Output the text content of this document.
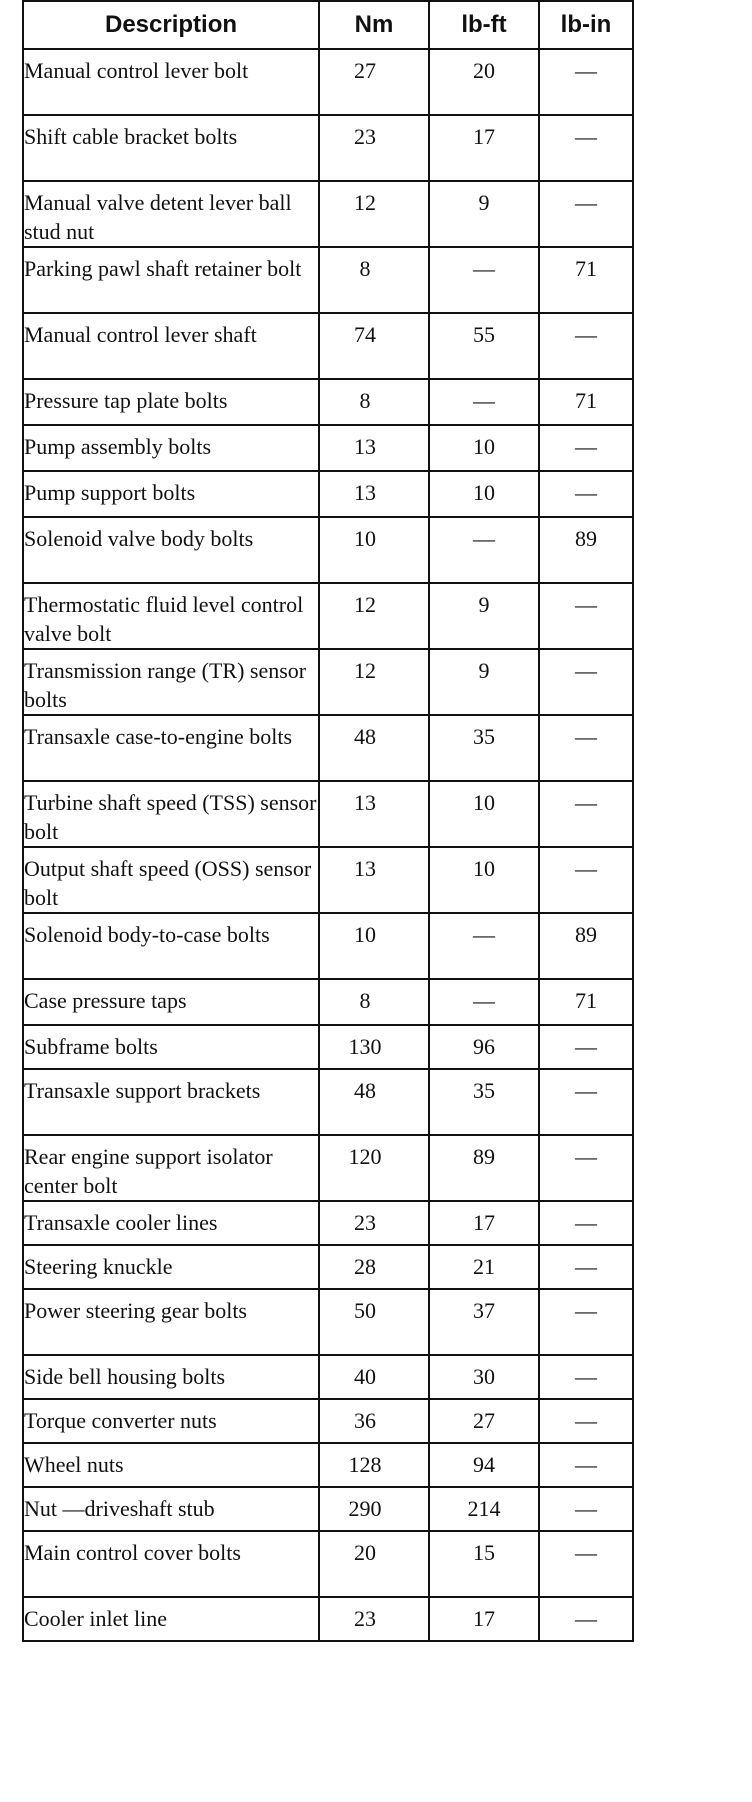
Description	Nm	lb-ft	lb-in
Manual control lever bolt	27	20	—
Shift cable bracket bolts	23	17	—
Manual valve detent lever ball stud nut	12	9	—
Parking pawl shaft retainer bolt	8	—	71
Manual control lever shaft	74	55	—
Pressure tap plate bolts	8	—	71
Pump assembly bolts	13	10	—
Pump support bolts	13	10	—
Solenoid valve body bolts	10	—	89
Thermostatic fluid level control valve bolt	12	9	—
Transmission range (TR) sensor bolts	12	9	—
Transaxle case-to-engine bolts	48	35	—
Turbine shaft speed (TSS) sensor bolt	13	10	—
Output shaft speed (OSS) sensor bolt	13	10	—
Solenoid body-to-case bolts	10	—	89
Case pressure taps	8	—	71
Subframe bolts	130	96	—
Transaxle support brackets	48	35	—
Rear engine support isolator center bolt	120	89	—
Transaxle cooler lines	23	17	—
Steering knuckle	28	21	—
Power steering gear bolts	50	37	—
Side bell housing bolts	40	30	—
Torque converter nuts	36	27	—
Wheel nuts	128	94	—
Nut —driveshaft stub	290	214	—
Main control cover bolts	20	15	—
Cooler inlet line	23	17	—
